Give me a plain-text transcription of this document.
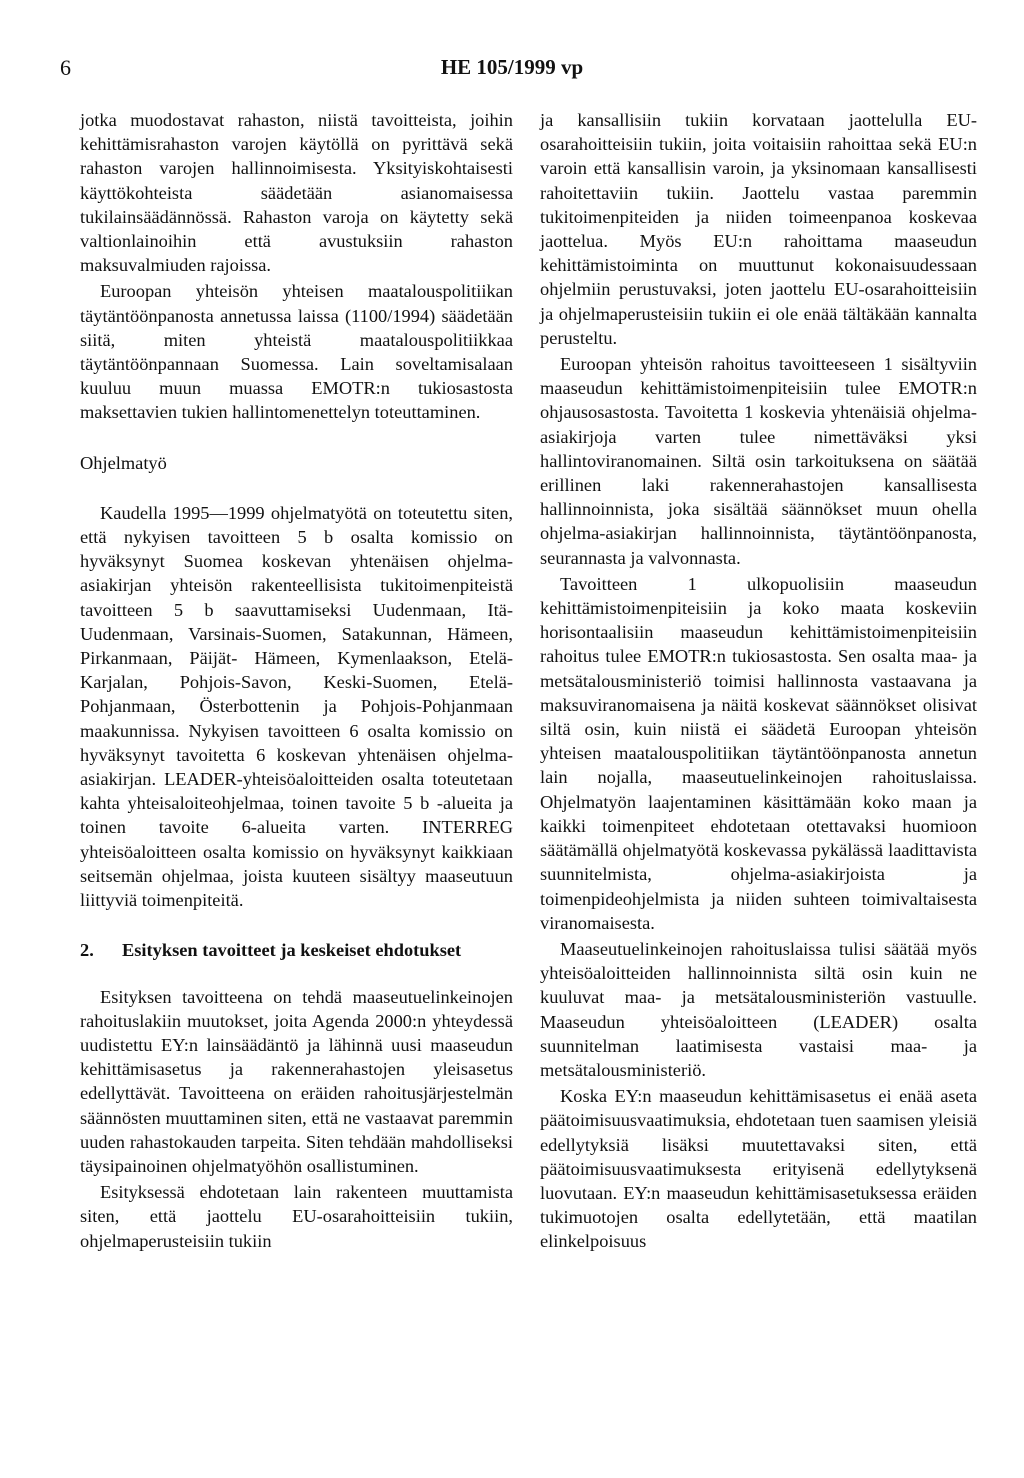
6	HE 105/1999 vp

jotka muodostavat rahaston, niistä tavoitteista, joihin kehittämisrahaston varojen käytöllä on pyrittävä sekä rahaston varojen hallinnoimisesta. Yksityiskohtaisesti käyttökohteista säädetään asianomaisessa tukilainsäädännössä. Rahaston varoja on käytetty sekä valtionlainoihin että avustuksiin rahaston maksuvalmiuden rajoissa.

Euroopan yhteisön yhteisen maatalouspolitiikan täytäntöönpanosta annetussa laissa (1100/1994) säädetään siitä, miten yhteistä maatalouspolitiikkaa täytäntöönpannaan Suomessa. Lain soveltamisalaan kuuluu muun muassa EMOTR:n tukiosastosta maksettavien tukien hallintomenettelyn toteuttaminen.

Ohjelmatyö

Kaudella 1995—1999 ohjelmatyötä on toteutettu siten, että nykyisen tavoitteen 5 b osalta komissio on hyväksynyt Suomea koskevan yhtenäisen ohjelma-asiakirjan yhteisön rakenteellisista tukitoimenpiteistä tavoitteen 5 b saavuttamiseksi Uudenmaan, Itä-Uudenmaan, Varsinais-Suomen, Satakunnan, Hämeen, Pirkanmaan, Päijät- Hämeen, Kymenlaakson, Etelä-Karjalan, Pohjois-Savon, Keski-Suomen, Etelä-Pohjanmaan, Österbottenin ja Pohjois-Pohjanmaan maakunnissa. Nykyisen tavoitteen 6 osalta komissio on hyväksynyt tavoitetta 6 koskevan yhtenäisen ohjelma-asiakirjan. LEADER-yhteisöaloitteiden osalta toteutetaan kahta yhteisaloiteohjelmaa, toinen tavoite 5 b -alueita ja toinen tavoite 6-alueita varten. INTERREG yhteisöaloitteen osalta komissio on hyväksynyt kaikkiaan seitsemän ohjelmaa, joista kuuteen sisältyy maaseutuun liittyviä toimenpiteitä.

2.	Esityksen tavoitteet ja keskeiset ehdotukset

Esityksen tavoitteena on tehdä maaseutuelinkeinojen rahoituslakiin muutokset, joita Agenda 2000:n yhteydessä uudistettu EY:n lainsäädäntö ja lähinnä uusi maaseudun kehittämisasetus ja rakennerahastojen yleisasetus edellyttävät. Tavoitteena on eräiden rahoitusjärjestelmän säännösten muuttaminen siten, että ne vastaavat paremmin uuden rahastokauden tarpeita. Siten tehdään mahdolliseksi täysipainoinen ohjelmatyöhön osallistuminen.

Esityksessä ehdotetaan lain rakenteen muuttamista siten, että jaottelu EU-osarahoitteisiin tukiin, ohjelmaperusteisiin tukiin

ja kansallisiin tukiin korvataan jaottelulla EU-osarahoitteisiin tukiin, joita voitaisiin rahoittaa sekä EU:n varoin että kansallisin varoin, ja yksinomaan kansallisesti rahoitettaviin tukiin. Jaottelu vastaa paremmin tukitoimenpiteiden ja niiden toimeenpanoa koskevaa jaottelua. Myös EU:n rahoittama maaseudun kehittämistoiminta on muuttunut kokonaisuudessaan ohjelmiin perustuvaksi, joten jaottelu EU-osarahoitteisiin ja ohjelmaperusteisiin tukiin ei ole enää tältäkään kannalta perusteltu.

Euroopan yhteisön rahoitus tavoitteeseen 1 sisältyviin maaseudun kehittämistoimenpiteisiin tulee EMOTR:n ohjausosastosta. Tavoitetta 1 koskevia yhtenäisiä ohjelma-asiakirjoja varten tulee nimettäväksi yksi hallintoviranomainen. Siltä osin tarkoituksena on säätää erillinen laki rakennerahastojen kansallisesta hallinnoinnista, joka sisältää säännökset muun ohella ohjelma-asiakirjan hallinnoinnista, täytäntöönpanosta, seurannasta ja valvonnasta.

Tavoitteen 1 ulkopuolisiin maaseudun kehittämistoimenpiteisiin ja koko maata koskeviin horisontaalisiin maaseudun kehittämistoimenpiteisiin rahoitus tulee EMOTR:n tukiosastosta. Sen osalta maa- ja metsätalousministeriö toimisi hallinnosta vastaavana ja maksuviranomaisena ja näitä koskevat säännökset olisivat siltä osin, kuin niistä ei säädetä Euroopan yhteisön yhteisen maatalouspolitiikan täytäntöönpanosta annetun lain nojalla, maaseutuelinkeinojen rahoituslaissa. Ohjelmatyön laajentaminen käsittämään koko maan ja kaikki toimenpiteet ehdotetaan otettavaksi huomioon säätämällä ohjelmatyötä koskevassa pykälässä laadittavista suunnitelmista, ohjelma-asiakirjoista ja toimenpideohjelmista ja niiden suhteen toimivaltaisesta viranomaisesta.

Maaseutuelinkeinojen rahoituslaissa tulisi säätää myös yhteisöaloitteiden hallinnoinnista siltä osin kuin ne kuuluvat maa- ja metsätalousministeriön vastuulle. Maaseudun yhteisöaloitteen (LEADER) osalta suunnitelman laatimisesta vastaisi maa- ja metsätalousministeriö.

Koska EY:n maaseudun kehittämisasetus ei enää aseta päätoimisuusvaatimuksia, ehdotetaan tuen saamisen yleisiä edellytyksiä lisäksi muutettavaksi siten, että päätoimisuusvaatimuksesta erityisenä edellytyksenä luovutaan. EY:n maaseudun kehittämisasetuksessa eräiden tukimuotojen osalta edellytetään, että maatilan elinkelpoisuus
